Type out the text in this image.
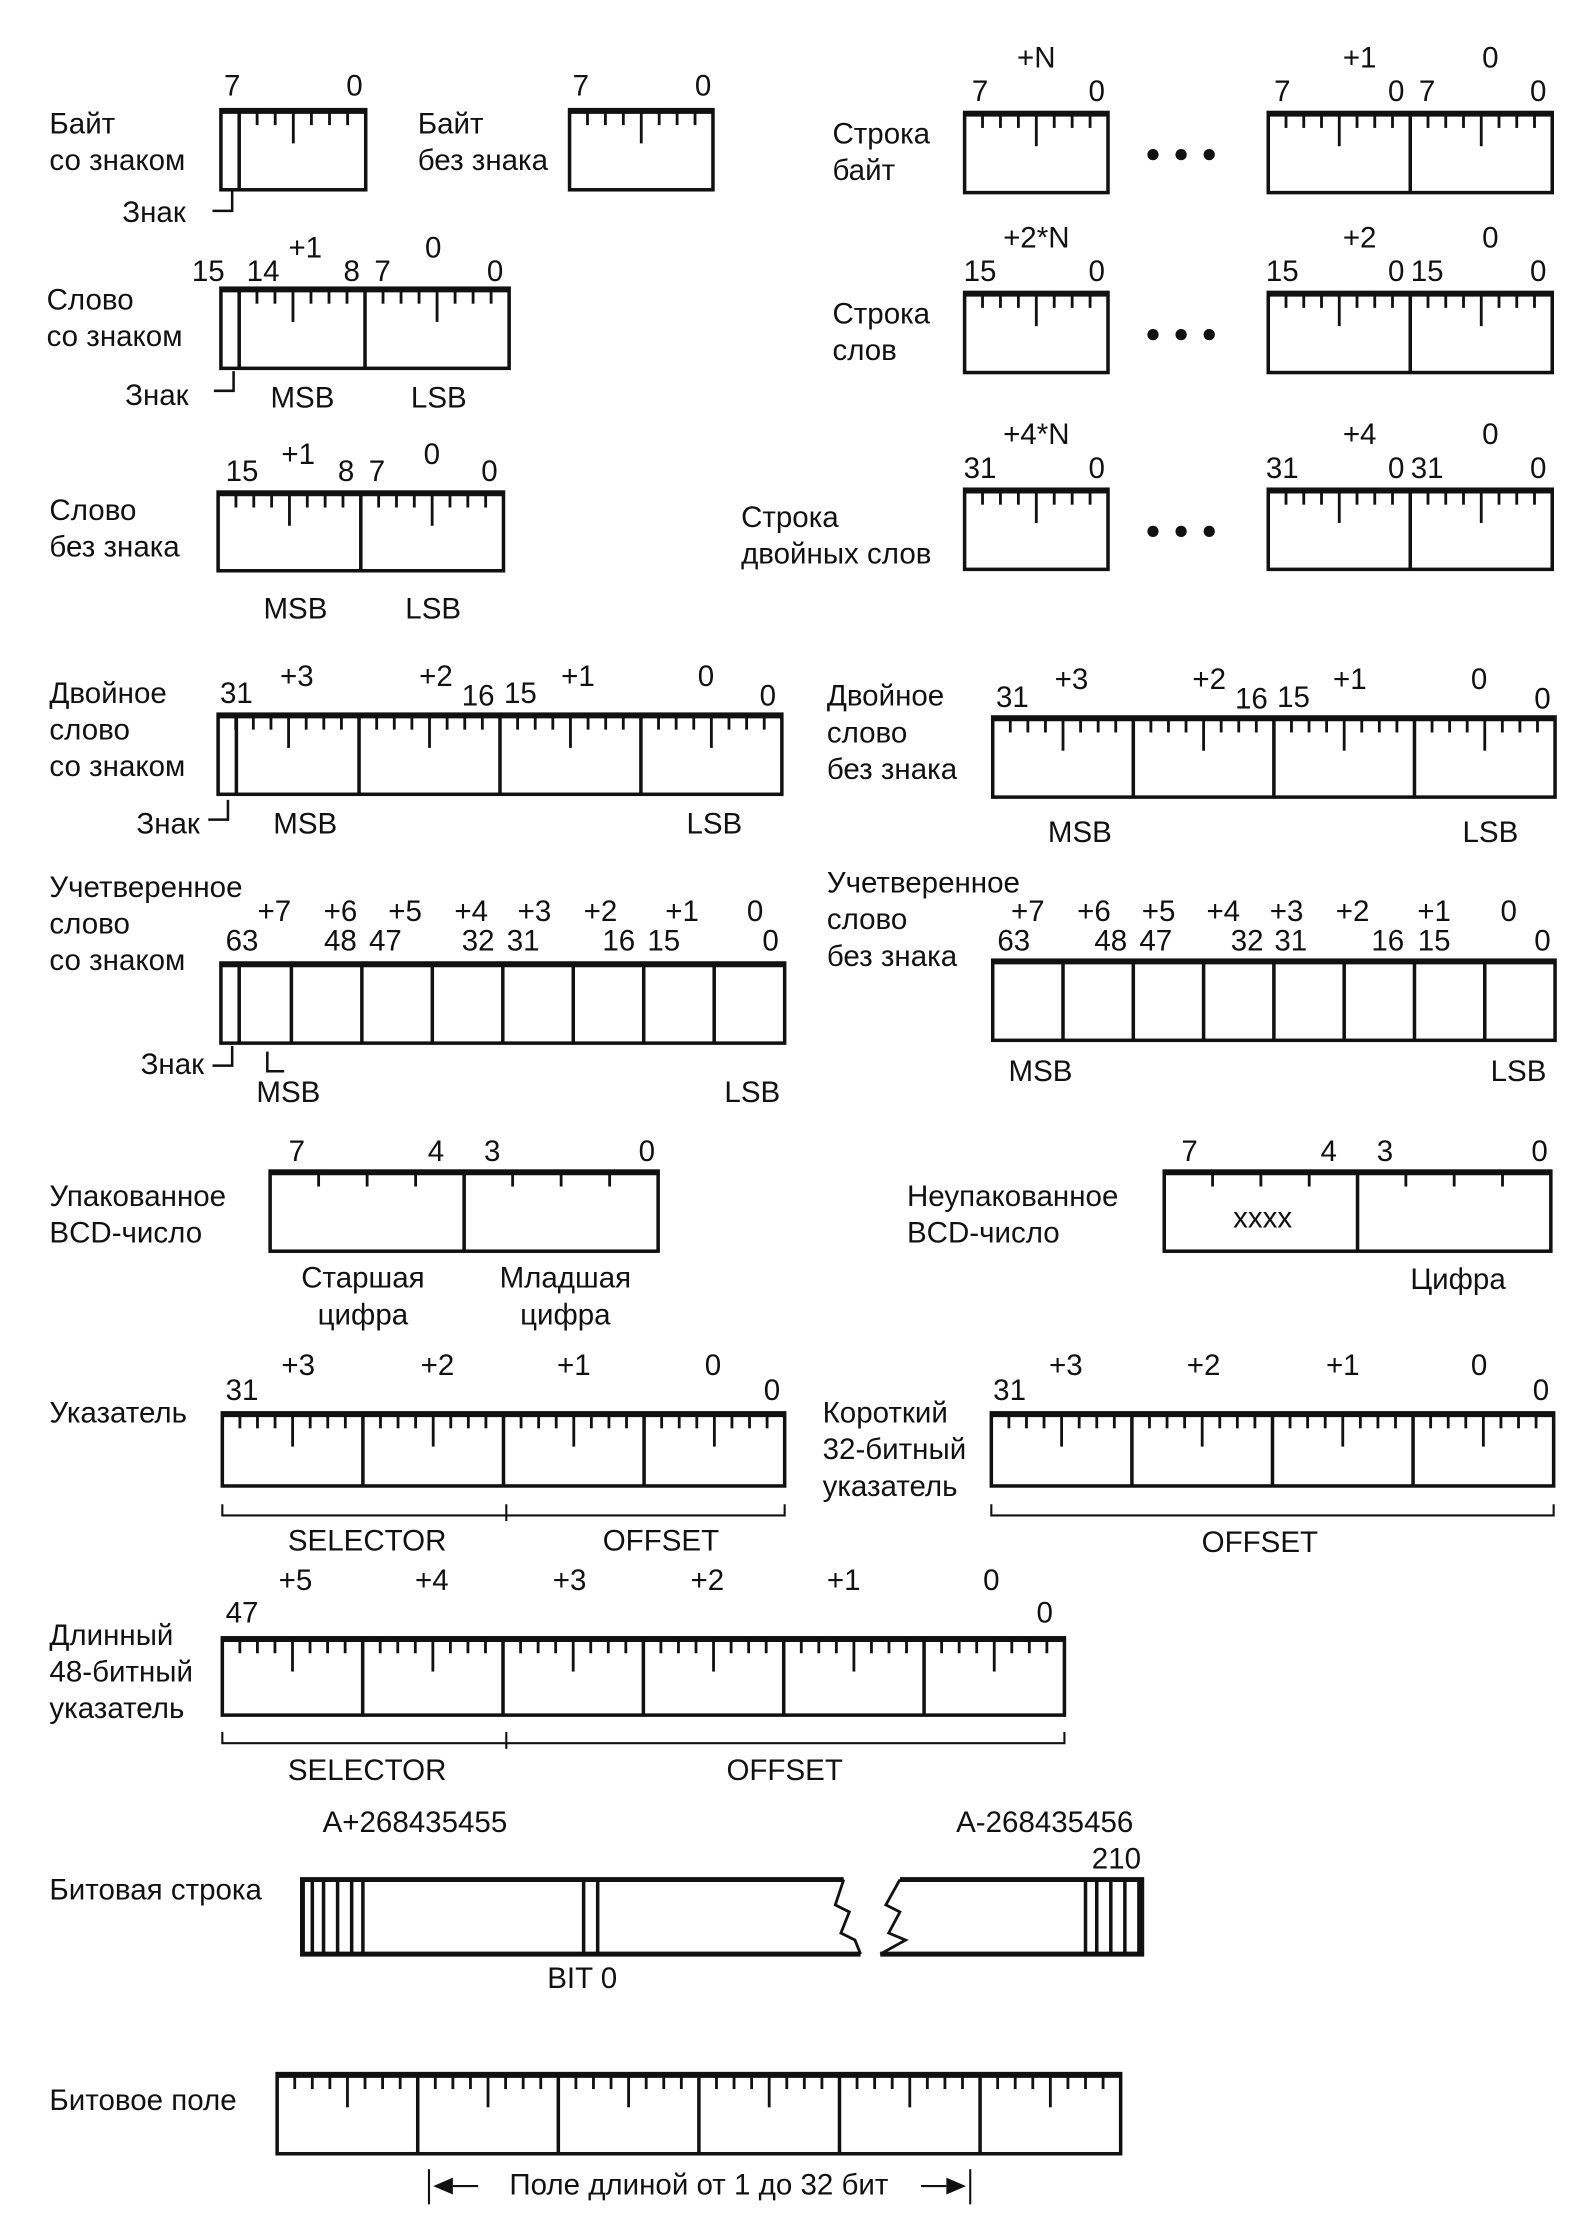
Байт
со знаком
7	0
Знак
Байт
без знака
7	0
Слово
со знаком
15 14	8 7	0
+1	0
Знак	MSB	LSB
Слово
без знака
15	8 7	0
+1	0
MSB	LSB
Строка
байт
+N	+1	0
7	0	7	0 7	0
Строка
слов
+2*N	+2	0
15	0	15	0 15	0
Строка
двойных слов
+4*N	+4	0
31	0	31	0 31	0
Двойное
слово
со знаком
31	16 15	0
+3	+2	+1	0
Знак	MSB	LSB
Двойное
слово
без знака
31	16 15	0
+3	+2	+1	0
MSB	LSB
Учетверенное
слово
со знаком
63	48 47	32 31	16 15	0
+7 +6 +5 +4 +3 +2 +1 0
Знак
MSB	LSB
Учетверенное
слово
без знака 63	48 47	32 31	16 15	0
+7 +6 +5 +4 +3 +2 +1 0
MSB	LSB
Упакованное
BCD-число
7	4 3	0
Старшая
цифра
Младшая
цифра
Неупакованное
BCD-число
7	4 3	0
xxxx
Цифра
Указатель
31	0
+3	+2	+1	0
SELECTOR	OFFSET
Короткий
32-битный
указатель
31	0
+3	+2	+1	0
OFFSET
Длинный
48-битный
указатель
47	0
+5	+4	+3	+2	+1	0
SELECTOR	OFFSET
Битовая строка
A+268435455	A-268435456
210
BIT 0
Битовое поле
Поле длиной от 1 до 32 бит
